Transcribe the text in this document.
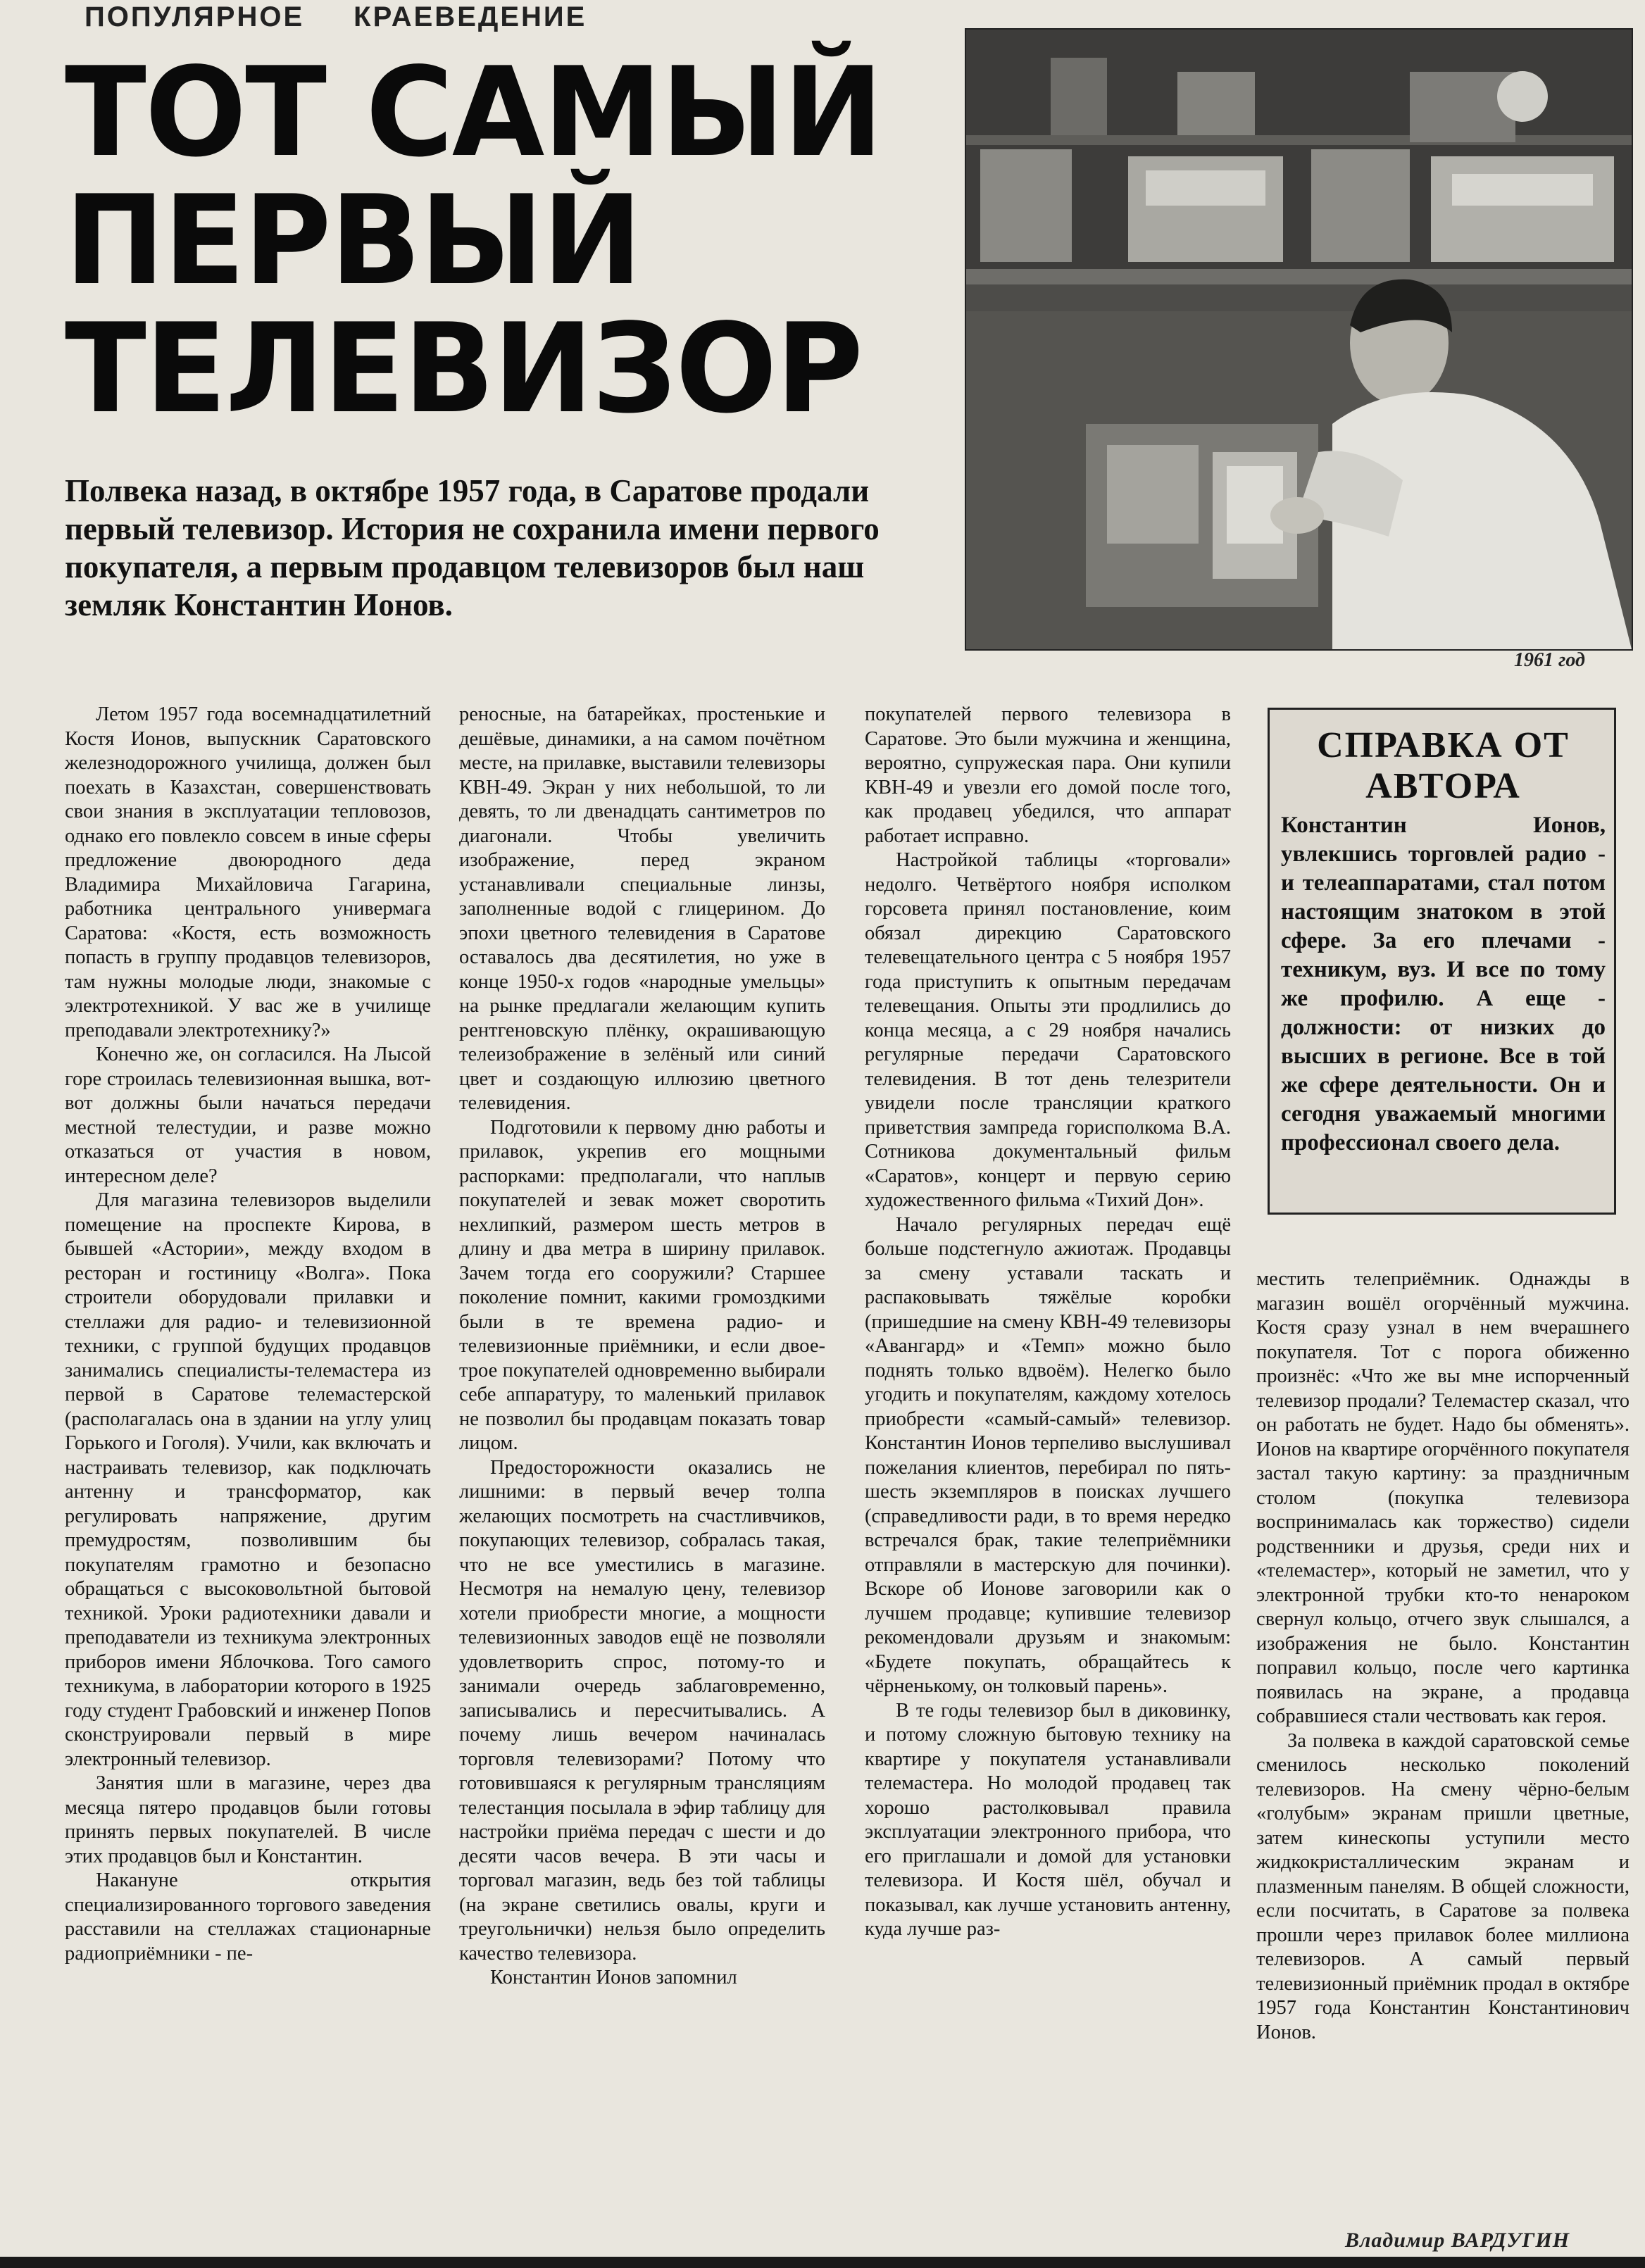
ПОПУЛЯРНОЕ КРАЕВЕДЕНИЕ
ТОТ САМЫЙ
ПЕРВЫЙ
ТЕЛЕВИЗОР
Полвека назад, в октябре 1957 года, в Саратове продали первый телевизор. История не сохранила имени первого покупателя, а первым продавцом телевизоров был наш земляк Константин Ионов.
1961 год

Летом 1957 года восемнадцатилетний Костя Ионов, выпускник Саратовского железнодорожного училища, должен был поехать в Казахстан, совершенствовать свои знания в эксплуатации тепловозов, однако его повлекло совсем в иные сферы предложение двоюродного деда Владимира Михайловича Гагарина, работника центрального универмага Саратова: «Костя, есть возможность попасть в группу продавцов телевизоров, там нужны молодые люди, знакомые с электротехникой. У вас же в училище преподавали электротехнику?»

Конечно же, он согласился. На Лысой горе строилась телевизионная вышка, вот-вот должны были начаться передачи местной телестудии, и разве можно отказаться от участия в новом, интересном деле?

Для магазина телевизоров выделили помещение на проспекте Кирова, в бывшей «Астории», между входом в ресторан и гостиницу «Волга». Пока строители оборудовали прилавки и стеллажи для радио- и телевизионной техники, с группой будущих продавцов занимались специалисты-телемастера из первой в Саратове телемастерской (располагалась она в здании на углу улиц Горького и Гоголя). Учили, как включать и настраивать телевизор, как подключать антенну и трансформатор, как регулировать напряжение, другим премудростям, позволившим бы покупателям грамотно и безопасно обращаться с высоковольтной бытовой техникой. Уроки радиотехники давали и преподаватели из техникума электронных приборов имени Яблочкова. Того самого техникума, в лаборатории которого в 1925 году студент Грабовский и инженер Попов сконструировали первый в мире электронный телевизор.

Занятия шли в магазине, через два месяца пятеро продавцов были готовы принять первых покупателей. В числе этих продавцов был и Константин.

Накануне открытия специализированного торгового заведения расставили на стеллажах стационарные радиоприёмники - пе-

реносные, на батарейках, простенькие и дешёвые, динамики, а на самом почётном месте, на прилавке, выставили телевизоры КВН-49. Экран у них небольшой, то ли девять, то ли двенадцать сантиметров по диагонали. Чтобы увеличить изображение, перед экраном устанавливали специальные линзы, заполненные водой с глицерином. До эпохи цветного телевидения в Саратове оставалось два десятилетия, но уже в конце 1950-х годов «народные умельцы» на рынке предлагали желающим купить рентгеновскую плёнку, окрашивающую телеизображение в зелёный или синий цвет и создающую иллюзию цветного телевидения.

Подготовили к первому дню работы и прилавок, укрепив его мощными распорками: предполагали, что наплыв покупателей и зевак может своротить нехлипкий, размером шесть метров в длину и два метра в ширину прилавок. Зачем тогда его сооружили? Старшее поколение помнит, какими громоздкими были в те времена радио- и телевизионные приёмники, и если двое-трое покупателей одновременно выбирали себе аппаратуру, то маленький прилавок не позволил бы продавцам показать товар лицом.

Предосторожности оказались не лишними: в первый вечер толпа желающих посмотреть на счастливчиков, покупающих телевизор, собралась такая, что не все уместились в магазине. Несмотря на немалую цену, телевизор хотели приобрести многие, а мощности телевизионных заводов ещё не позволяли удовлетворить спрос, потому-то и занимали очередь заблаговременно, записывались и пересчитывались. А почему лишь вечером начиналась торговля телевизорами? Потому что готовившаяся к регулярным трансляциям телестанция посылала в эфир таблицу для настройки приёма передач с шести и до десяти часов вечера. В эти часы и торговал магазин, ведь без той таблицы (на экране светились овалы, круги и треугольнички) нельзя было определить качество телевизора.

Константин Ионов запомнил

покупателей первого телевизора в Саратове. Это были мужчина и женщина, вероятно, супружеская пара. Они купили КВН-49 и увезли его домой после того, как продавец убедился, что аппарат работает исправно.

Настройкой таблицы «торговали» недолго. Четвёртого ноября исполком горсовета принял постановление, коим обязал дирекцию Саратовского телевещательного центра с 5 ноября 1957 года приступить к опытным передачам телевещания. Опыты эти продлились до конца месяца, а с 29 ноября начались регулярные передачи Саратовского телевидения. В тот день телезрители увидели после трансляции краткого приветствия зампреда горисполкома В.А. Сотникова документальный фильм «Саратов», концерт и первую серию художественного фильма «Тихий Дон».

Начало регулярных передач ещё больше подстегнуло ажиотаж. Продавцы за смену уставали таскать и распаковывать тяжёлые коробки (пришедшие на смену КВН-49 телевизоры «Авангард» и «Темп» можно было поднять только вдвоём). Нелегко было угодить и покупателям, каждому хотелось приобрести «самый-самый» телевизор. Константин Ионов терпеливо выслушивал пожелания клиентов, перебирал по пять-шесть экземпляров в поисках лучшего (справедливости ради, в то время нередко встречался брак, такие телеприёмники отправляли в мастерскую для починки). Вскоре об Ионове заговорили как о лучшем продавце; купившие телевизор рекомендовали друзьям и знакомым: «Будете покупать, обращайтесь к чёрненькому, он толковый парень».

В те годы телевизор был в диковинку, и потому сложную бытовую технику на квартире у покупателя устанавливали телемастера. Но молодой продавец так хорошо растолковывал правила эксплуатации электронного прибора, что его приглашали и домой для установки телевизора. И Костя шёл, обучал и показывал, как лучше установить антенну, куда лучше раз-

СПРАВКА ОТ АВТОРА
Константин Ионов, увлекшись торговлей радио - и телеаппаратами, стал потом настоящим знатоком в этой сфере. За его плечами - техникум, вуз. И все по тому же профилю. А еще - должности: от низких до высших в регионе. Все в той же сфере деятельности. Он и сегодня уважаемый многими профессионал своего дела.

местить телеприёмник. Однажды в магазин вошёл огорчённый мужчина. Костя сразу узнал в нем вчерашнего покупателя. Тот с порога обиженно произнёс: «Что же вы мне испорченный телевизор продали? Телемастер сказал, что он работать не будет. Надо бы обменять». Ионов на квартире огорчённого покупателя застал такую картину: за праздничным столом (покупка телевизора воспринималась как торжество) сидели родственники и друзья, среди них и «телемастер», который не заметил, что у электронной трубки кто-то ненароком свернул кольцо, отчего звук слышался, а изображения не было. Константин поправил кольцо, после чего картинка появилась на экране, а продавца собравшиеся стали чествовать как героя.

За полвека в каждой саратовской семье сменилось несколько поколений телевизоров. На смену чёрно-белым «голубым» экранам пришли цветные, затем кинескопы уступили место жидкокристаллическим экранам и плазменным панелям. В общей сложности, если посчитать, в Саратове за полвека прошли через прилавок более миллиона телевизоров. А самый первый телевизионный приёмник продал в октябре 1957 года Константин Константинович Ионов.

Владимир ВАРДУГИН
